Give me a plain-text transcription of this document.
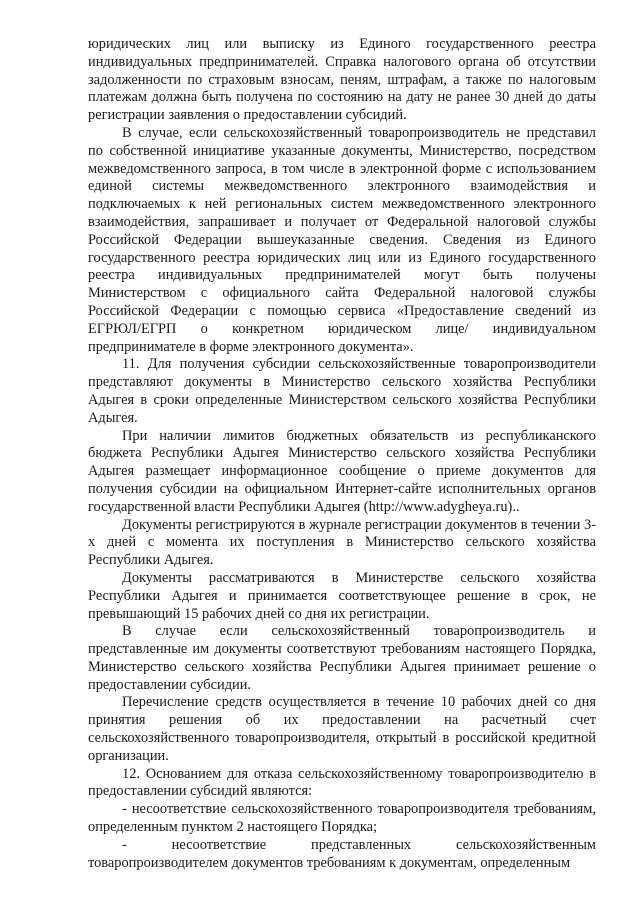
юридических лиц или выписку из Единого государственного реестра индивидуальных предпринимателей. Справка налогового органа об отсутствии задолженности по страховым взносам, пеням, штрафам, а также по налоговым платежам должна быть получена по состоянию на дату не ранее 30 дней до даты регистрации заявления о предоставлении субсидий.

В случае, если сельскохозяйственный товаропроизводитель не представил по собственной инициативе указанные документы, Министерство, посредством межведомственного запроса, в том числе в электронной форме с использованием единой системы межведомственного электронного взаимодействия и подключаемых к ней региональных систем межведомственного электронного взаимодействия, запрашивает и получает от Федеральной налоговой службы Российской Федерации вышеуказанные сведения. Сведения из Единого государственного реестра юридических лиц или из Единого государственного реестра индивидуальных предпринимателей могут быть получены Министерством с официального сайта Федеральной налоговой службы Российской Федерации с помощью сервиса «Предоставление сведений из ЕГРЮЛ/ЕГРП о конкретном юридическом лице/ индивидуальном предпринимателе в форме электронного документа».

11. Для получения субсидии сельскохозяйственные товаропроизводители представляют документы в Министерство сельского хозяйства Республики Адыгея в сроки определенные Министерством сельского хозяйства Республики Адыгея.

При наличии лимитов бюджетных обязательств из республиканского бюджета Республики Адыгея Министерство сельского хозяйства Республики Адыгея размещает информационное сообщение о приеме документов для получения субсидии на официальном Интернет-сайте исполнительных органов государственной власти Республики Адыгея (http://www.adygheya.ru)..

Документы регистрируются в журнале регистрации документов в течении 3-х дней с момента их поступления в Министерство сельского хозяйства Республики Адыгея.

Документы рассматриваются в Министерстве сельского хозяйства Республики Адыгея и принимается соответствующее решение в срок, не превышающий 15 рабочих дней со дня их регистрации.

В случае если сельскохозяйственный товаропроизводитель и представленные им документы соответствуют требованиям настоящего Порядка, Министерство сельского хозяйства Республики Адыгея принимает решение о предоставлении субсидии.

Перечисление средств осуществляется в течение 10 рабочих дней со дня принятия решения об их предоставлении на расчетный счет сельскохозяйственного товаропроизводителя, открытый в российской кредитной организации.

12. Основанием для отказа сельскохозяйственному товаропроизводителю в предоставлении субсидий являются:

- несоответствие сельскохозяйственного товаропроизводителя требованиям, определенным пунктом 2 настоящего Порядка;

- несоответствие представленных сельскохозяйственным товаропроизводителем документов требованиям к документам, определенным
